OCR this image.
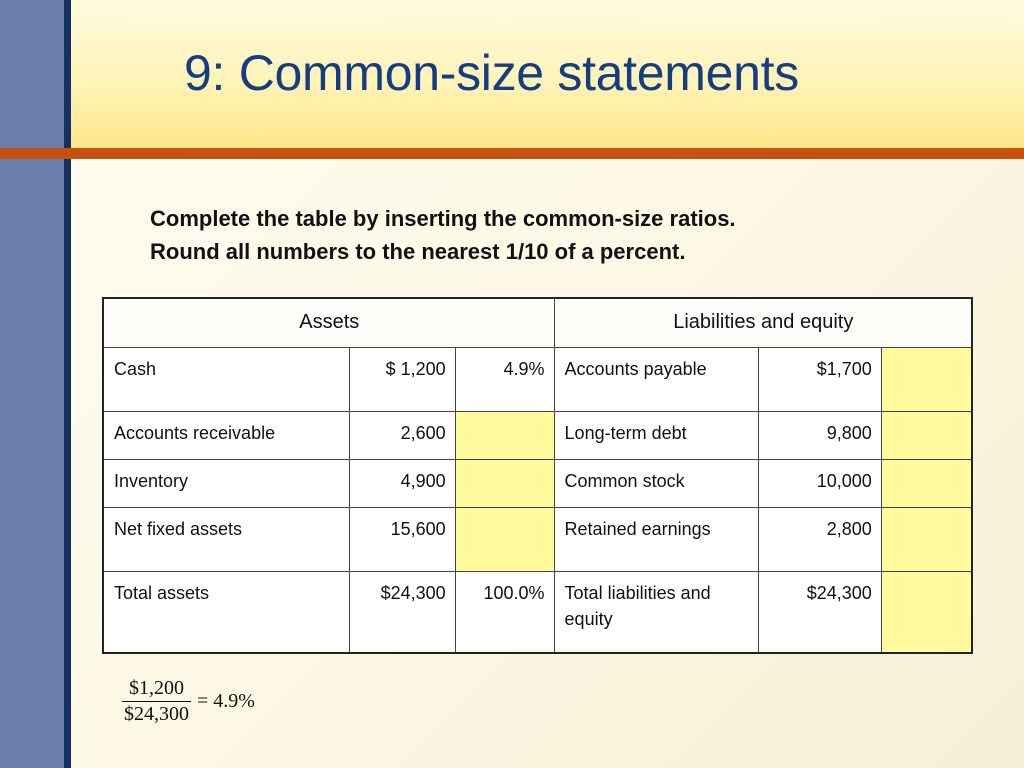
9: Common-size statements
Complete the table by inserting the common-size ratios.
Round all numbers to the nearest 1/10 of a percent.
Assets			Liabilities and equity		
Cash	$ 1,200	4.9%	Accounts payable	$1,700	
Accounts receivable	2,600		Long-term debt	9,800	
Inventory	4,900		Common stock	10,000	
Net fixed assets	15,600		Retained earnings	2,800	
Total assets	$24,300	100.0%	Total liabilities and equity	$24,300	
$\frac{\$1,200}{\$24,300} = 4.9\%$
